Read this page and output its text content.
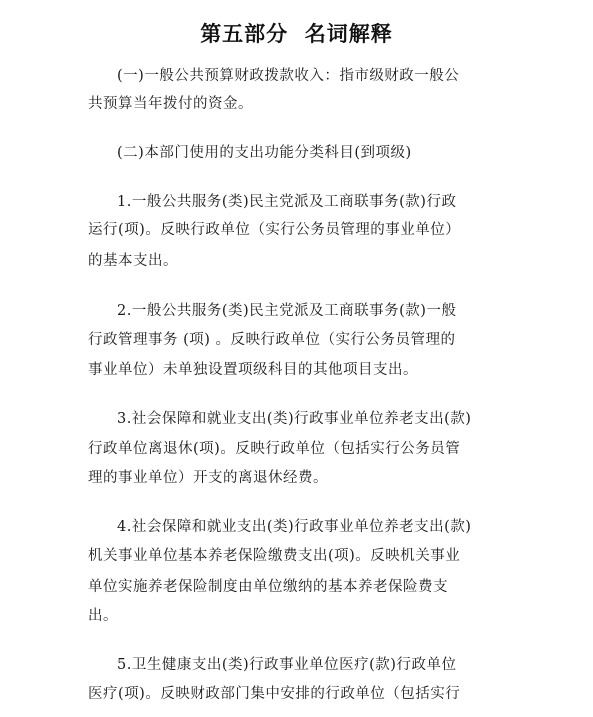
第五部分  名词解释
(一)一般公共预算财政拨款收入：指市级财政一般公
共预算当年拨付的资金。
(二)本部门使用的支出功能分类科目(到项级)
1.一般公共服务(类)民主党派及工商联事务(款)行政
运行(项)。反映行政单位（实行公务员管理的事业单位）
的基本支出。
2.一般公共服务(类)民主党派及工商联事务(款)一般
行政管理事务 (项) 。反映行政单位（实行公务员管理的
事业单位）未单独设置项级科目的其他项目支出。
3.社会保障和就业支出(类)行政事业单位养老支出(款)
行政单位离退休(项)。反映行政单位（包括实行公务员管
理的事业单位）开支的离退休经费。
4.社会保障和就业支出(类)行政事业单位养老支出(款)
机关事业单位基本养老保险缴费支出(项)。反映机关事业
单位实施养老保险制度由单位缴纳的基本养老保险费支
出。
5.卫生健康支出(类)行政事业单位医疗(款)行政单位
医疗(项)。反映财政部门集中安排的行政单位（包括实行
